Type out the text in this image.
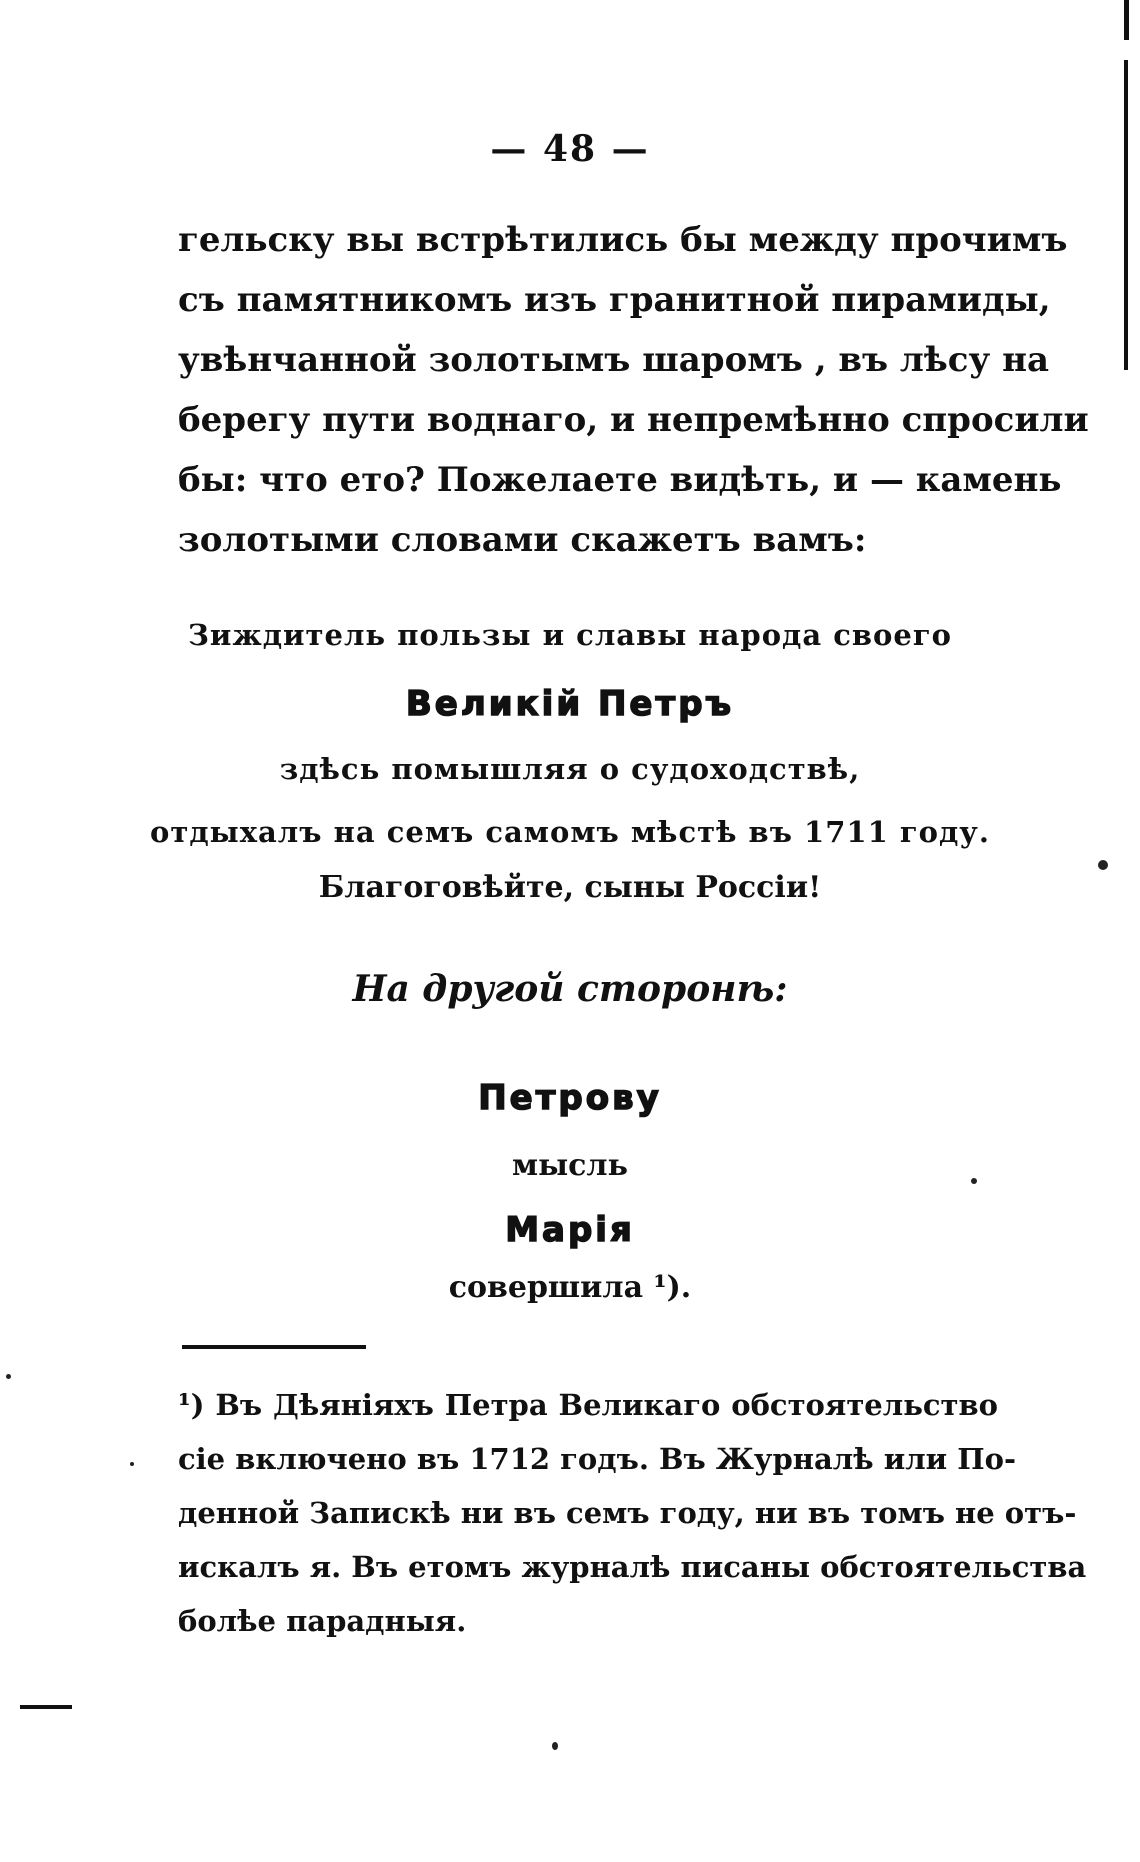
— 48 —
гельску вы встрѣтились бы между прочимъ
съ памятникомъ изъ гранитной пирамиды,
увѣнчанной золотымъ шаромъ , въ лѣсу на
берегу пути воднаго, и непремѣнно спросили
бы: что ето? Пожелаете видѣть, и — камень
золотыми словами скажетъ вамъ:
Зиждитель пользы и славы народа своего
Великій Петръ
здѣсь помышляя о судоходствѣ,
отдыхалъ на семъ самомъ мѣстѣ въ 1711 году.
Благоговѣйте, сыны Россіи!
На другой сторонѣ:
Петрову
мысль
Марія
совершила ¹).
¹) Въ Дѣяніяхъ Петра Великаго обстоятельство
сіе включено въ 1712 годъ. Въ Журналѣ или По-
денной Запискѣ ни въ семъ году, ни въ томъ не отъ-
искалъ я. Въ етомъ журналѣ писаны обстоятельства
болѣе парадныя.
